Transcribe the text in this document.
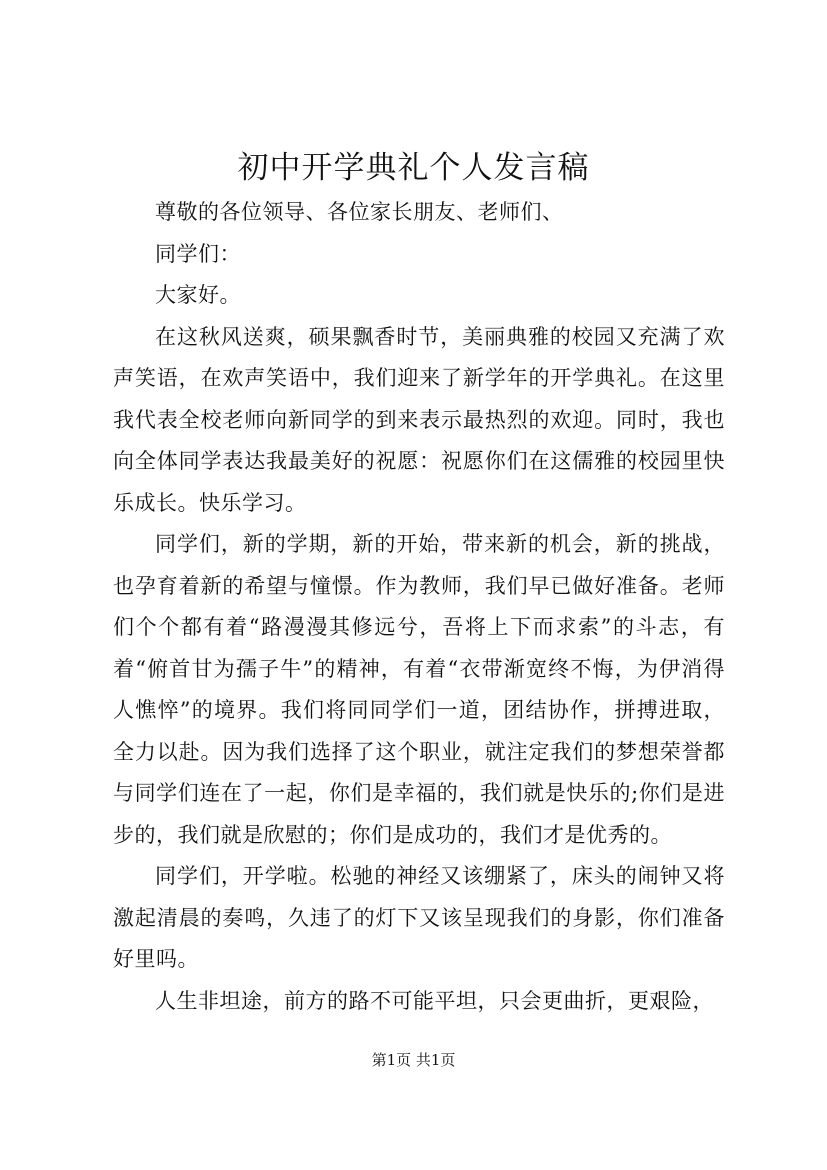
初中开学典礼个人发言稿

尊敬的各位领导、各位家长朋友、老师们、

同学们：

大家好。

在这秋风送爽，硕果飘香时节，美丽典雅的校园又充满了欢声笑语，在欢声笑语中，我们迎来了新学年的开学典礼。在这里我代表全校老师向新同学的到来表示最热烈的欢迎。同时，我也向全体同学表达我最美好的祝愿：祝愿你们在这儒雅的校园里快乐成长。快乐学习。

同学们，新的学期，新的开始，带来新的机会，新的挑战，也孕育着新的希望与憧憬。作为教师，我们早已做好准备。老师们个个都有着“路漫漫其修远兮，吾将上下而求索”的斗志，有着“俯首甘为孺子牛”的精神，有着“衣带渐宽终不悔，为伊消得人憔悴”的境界。我们将同同学们一道，团结协作，拼搏进取，全力以赴。因为我们选择了这个职业，就注定我们的梦想荣誉都与同学们连在了一起，你们是幸福的，我们就是快乐的;你们是进步的，我们就是欣慰的；你们是成功的，我们才是优秀的。

同学们，开学啦。松驰的神经又该绷紧了，床头的闹钟又将激起清晨的奏鸣，久违了的灯下又该呈现我们的身影，你们准备好里吗。

人生非坦途，前方的路不可能平坦，只会更曲折，更艰险，

第1页 共1页
